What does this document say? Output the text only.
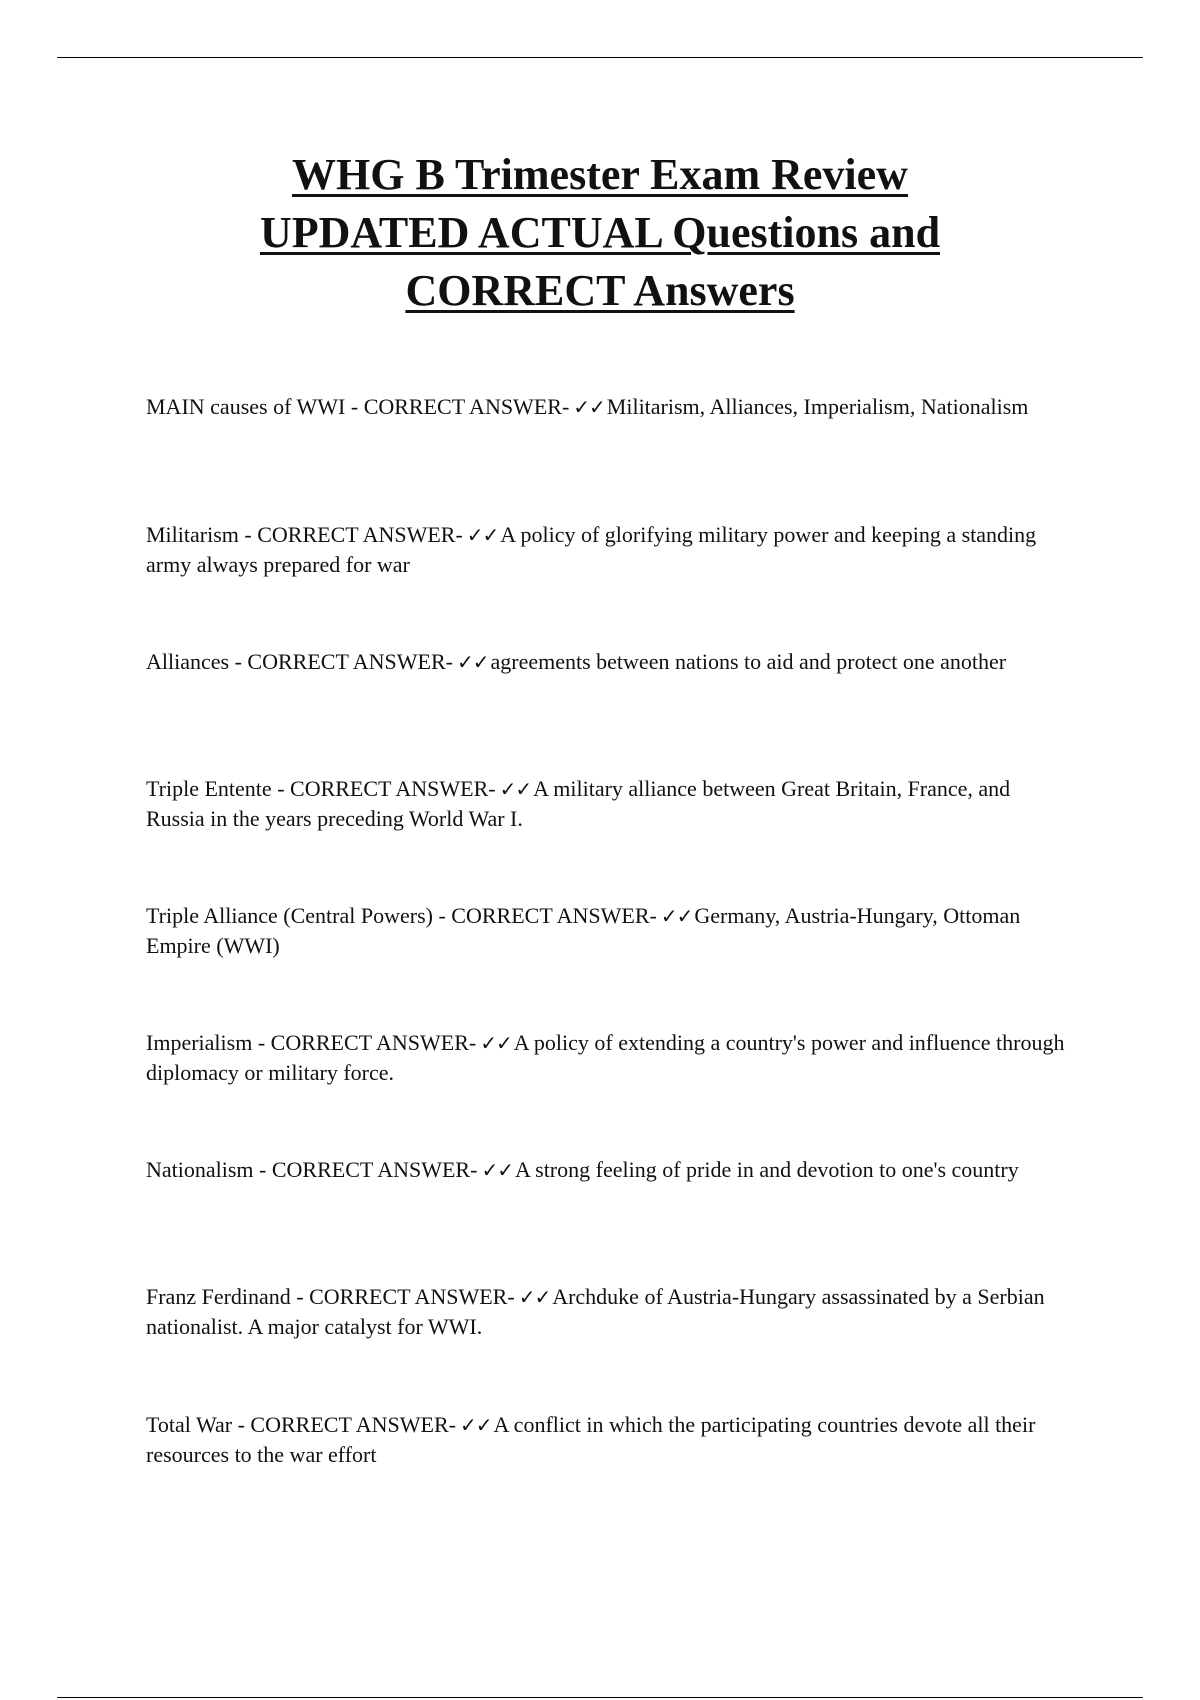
WHG B Trimester Exam Review
UPDATED ACTUAL Questions and
CORRECT Answers

MAIN causes of WWI - CORRECT ANSWER- ✓✓Militarism, Alliances, Imperialism, Nationalism

Militarism - CORRECT ANSWER- ✓✓A policy of glorifying military power and keeping a standing army always prepared for war

Alliances - CORRECT ANSWER- ✓✓agreements between nations to aid and protect one another

Triple Entente - CORRECT ANSWER- ✓✓A military alliance between Great Britain, France, and Russia in the years preceding World War I.

Triple Alliance (Central Powers) - CORRECT ANSWER- ✓✓Germany, Austria-Hungary, Ottoman Empire (WWI)

Imperialism - CORRECT ANSWER- ✓✓A policy of extending a country's power and influence through diplomacy or military force.

Nationalism - CORRECT ANSWER- ✓✓A strong feeling of pride in and devotion to one's country

Franz Ferdinand - CORRECT ANSWER- ✓✓Archduke of Austria-Hungary assassinated by a Serbian nationalist. A major catalyst for WWI.

Total War - CORRECT ANSWER- ✓✓A conflict in which the participating countries devote all their resources to the war effort
